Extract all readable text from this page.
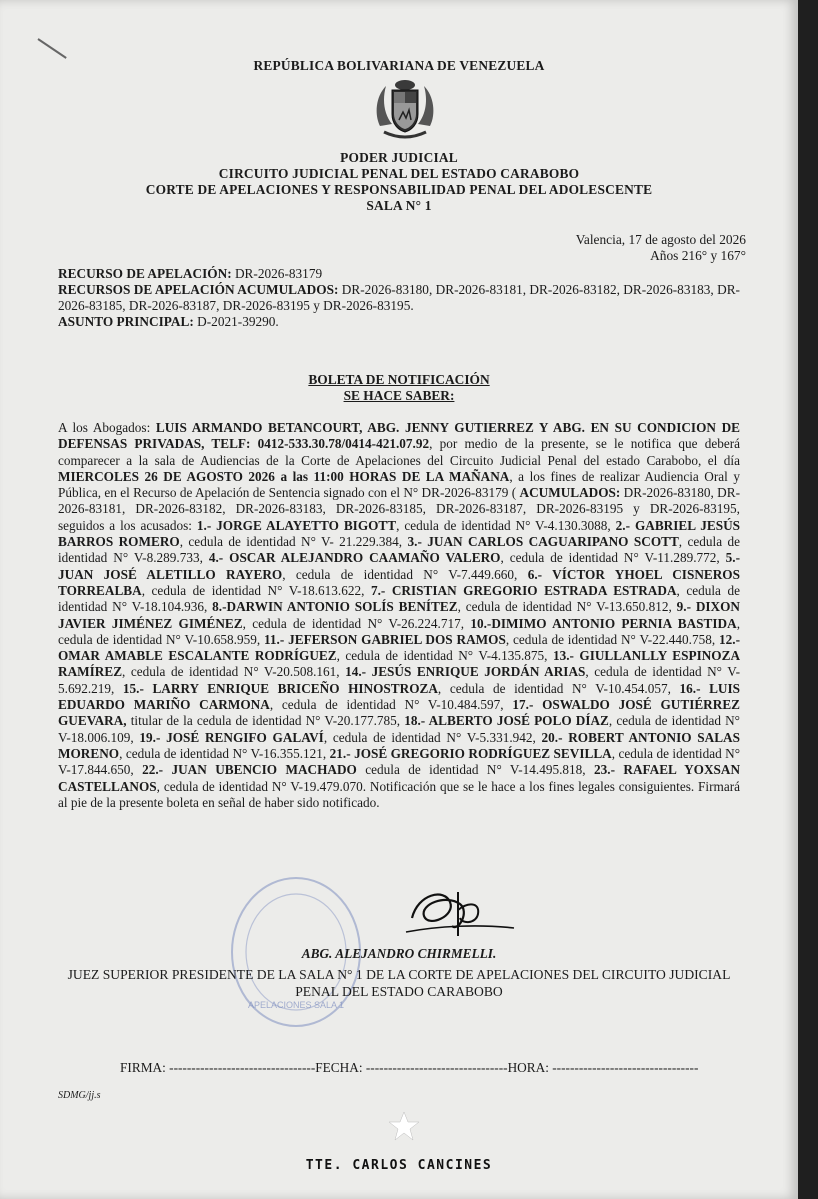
REPÚBLICA BOLIVARIANA DE VENEZUELA
PODER JUDICIAL
CIRCUITO JUDICIAL PENAL DEL ESTADO CARABOBO
CORTE DE APELACIONES Y RESPONSABILIDAD PENAL DEL ADOLESCENTE
SALA N° 1
Valencia, 17 de agosto del 2026
Años 216° y 167°
RECURSO DE APELACIÓN: DR-2026-83179
RECURSOS DE APELACIÓN ACUMULADOS: DR-2026-83180, DR-2026-83181, DR-2026-83182, DR-2026-83183, DR-2026-83185, DR-2026-83187, DR-2026-83195 y DR-2026-83195.
ASUNTO PRINCIPAL: D-2021-39290.
BOLETA DE NOTIFICACIÓN
SE HACE SABER:
A los Abogados: LUIS ARMANDO BETANCOURT, ABG. JENNY GUTIERREZ Y ABG. EN SU CONDICION DE DEFENSAS PRIVADAS, TELF: 0412-533.30.78/0414-421.07.92, por medio de la presente, se le notifica que deberá comparecer a la sala de Audiencias de la Corte de Apelaciones del Circuito Judicial Penal del estado Carabobo, el día MIERCOLES 26 DE AGOSTO 2026 a las 11:00 HORAS DE LA MAÑANA, a los fines de realizar Audiencia Oral y Pública, en el Recurso de Apelación de Sentencia signado con el N° DR-2026-83179 ( ACUMULADOS: DR-2026-83180, DR-2026-83181, DR-2026-83182, DR-2026-83183, DR-2026-83185, DR-2026-83187, DR-2026-83195 y DR-2026-83195, seguidos a los acusados: 1.- JORGE ALAYETTO BIGOTT, cedula de identidad N° V-4.130.3088, 2.- GABRIEL JESÚS BARROS ROMERO, cedula de identidad N° V- 21.229.384, 3.- JUAN CARLOS CAGUARIPANO SCOTT, cedula de identidad N° V-8.289.733, 4.- OSCAR ALEJANDRO CAAMAÑO VALERO, cedula de identidad N° V-11.289.772, 5.- JUAN JOSÉ ALETILLO RAYERO, cedula de identidad N° V-7.449.660, 6.- VÍCTOR YHOEL CISNEROS TORREALBA, cedula de identidad N° V-18.613.622, 7.- CRISTIAN GREGORIO ESTRADA ESTRADA, cedula de identidad N° V-18.104.936, 8.-DARWIN ANTONIO SOLÍS BENÍTEZ, cedula de identidad N° V-13.650.812, 9.- DIXON JAVIER JIMÉNEZ GIMÉNEZ, cedula de identidad N° V-26.224.717, 10.-DIMIMO ANTONIO PERNIA BASTIDA, cedula de identidad N° V-10.658.959, 11.- JEFERSON GABRIEL DOS RAMOS, cedula de identidad N° V-22.440.758, 12.- OMAR AMABLE ESCALANTE RODRÍGUEZ, cedula de identidad N° V-4.135.875, 13.- GIULLANLLY ESPINOZA RAMÍREZ, cedula de identidad N° V-20.508.161, 14.- JESÚS ENRIQUE JORDÁN ARIAS, cedula de identidad N° V-5.692.219, 15.- LARRY ENRIQUE BRICEÑO HINOSTROZA, cedula de identidad N° V-10.454.057, 16.- LUIS EDUARDO MARIÑO CARMONA, cedula de identidad N° V-10.484.597, 17.- OSWALDO JOSÉ GUTIÉRREZ GUEVARA, titular de la cedula de identidad N° V-20.177.785, 18.- ALBERTO JOSÉ POLO DÍAZ, cedula de identidad N° V-18.006.109, 19.- JOSÉ RENGIFO GALAVÍ, cedula de identidad N° V-5.331.942, 20.- ROBERT ANTONIO SALAS MORENO, cedula de identidad N° V-16.355.121, 21.- JOSÉ GREGORIO RODRÍGUEZ SEVILLA, cedula de identidad N° V-17.844.650, 22.- JUAN UBENCIO MACHADO cedula de identidad N° V-14.495.818, 23.- RAFAEL YOXSAN CASTELLANOS, cedula de identidad N° V-19.479.070. Notificación que se le hace a los fines legales consiguientes. Firmará al pie de la presente boleta en señal de haber sido notificado.
APELACIONES SALA 1
ABG. ALEJANDRO CHIRMELLI.
JUEZ SUPERIOR PRESIDENTE DE LA SALA N° 1 DE LA CORTE DE APELACIONES DEL CIRCUITO JUDICIAL PENAL DEL ESTADO CARABOBO
FIRMA: ---------------------------------FECHA: --------------------------------HORA: ---------------------------------
SDMG/jj.s
TTE. CARLOS CANCINES
